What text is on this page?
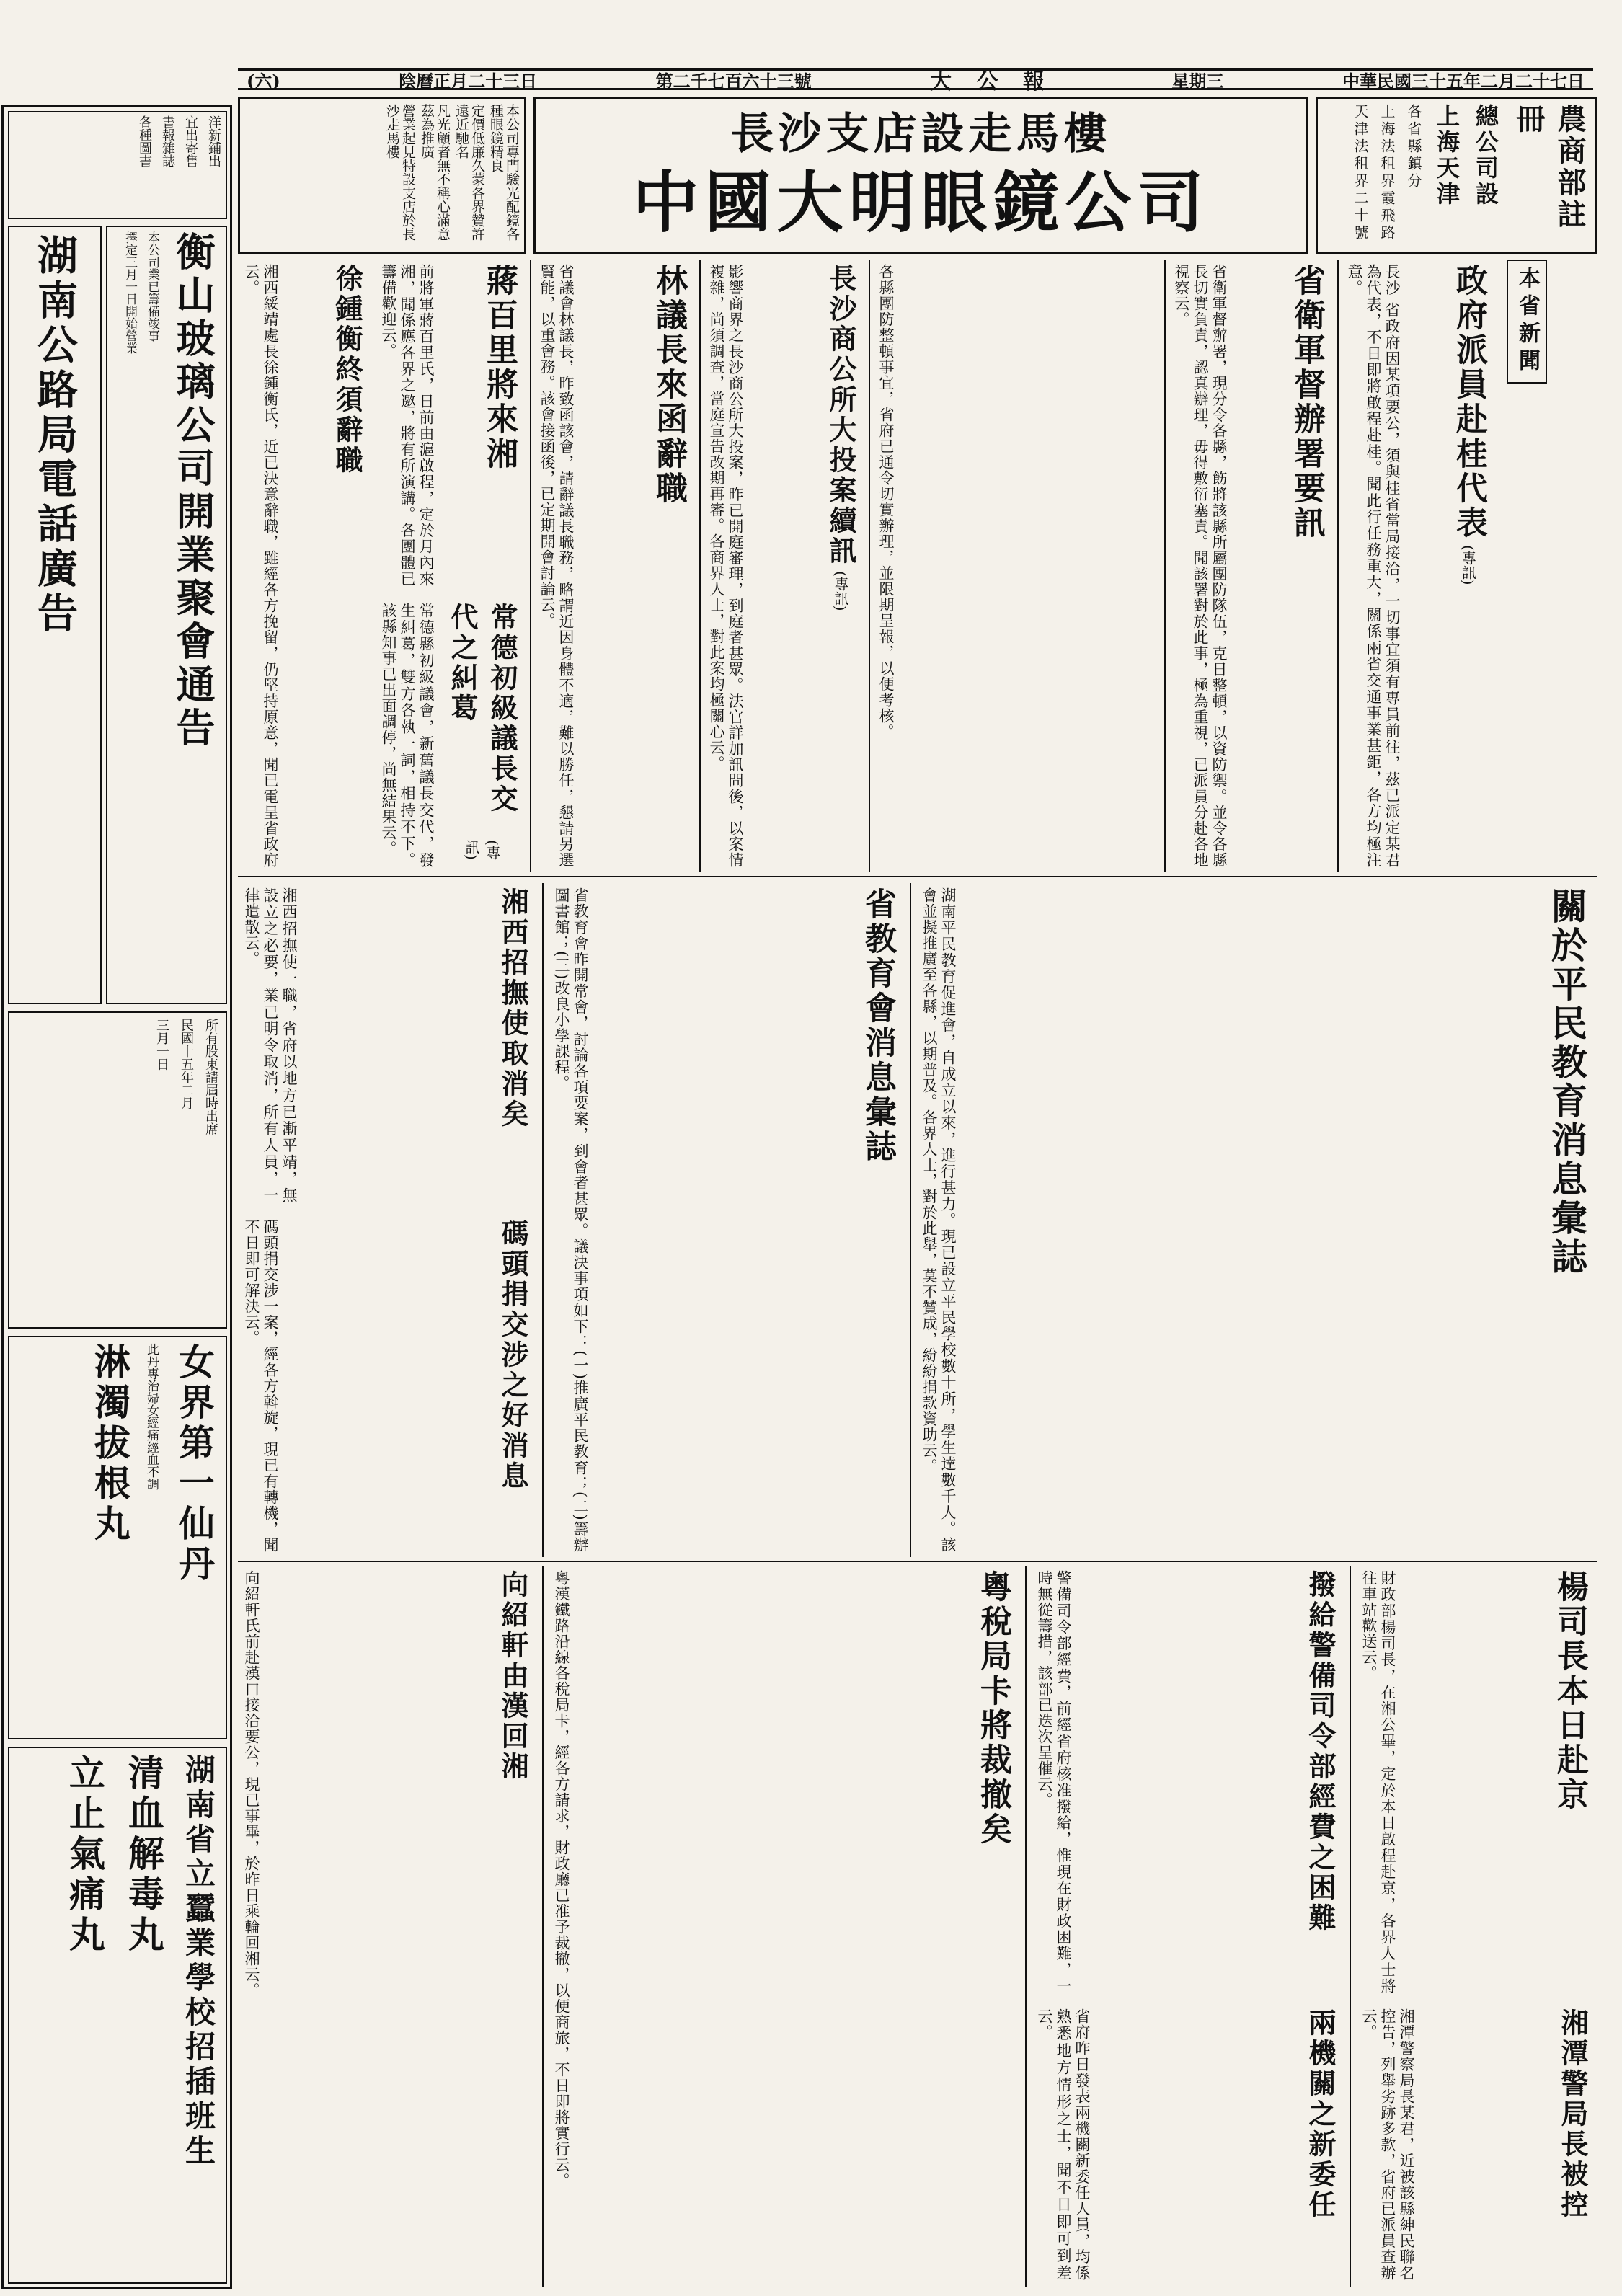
(六)	陰曆正月二十三日	第二千七百六十三號	大 公 報	星期三	中華民國三十五年二月二十七日
本公司專門驗光配鏡各種眼鏡精良
定價低廉久蒙各界贊許遠近馳名
凡光顧者無不稱心滿意茲為推廣
營業起見特設支店於長沙走馬樓	長沙支店設走馬樓
中國大明眼鏡公司	農商部註冊
總公司設
上海天津
各省縣鎮分
上海法租界霞飛路
天津法租界二十號
洋新鋪出
宜出寄售
書報雜誌
各種圖書
湖南公路局電話廣告 衡山玻璃公司開業聚會通告
本公司業已籌備竣事
擇定三月一日開始營業
所有股東請屆時出席
民國十五年二月
三月一日
女界第一仙丹
此丹專治婦女經痛經血不調
淋濁拔根丸
湖南省立蠶業學校招插班生
清血解毒丸
立止氣痛丸
本省新聞
政府派員赴桂代表
(專訊)
長沙 省政府因某項要公，須與桂省當局接洽，一切事宜須有專員前往，茲已派定某君為代表，不日即將啟程赴桂。聞此行任務重大，關係兩省交通事業甚鉅，各方均極注意。
省衛軍督辦署要訊
省衛軍督辦署，現分令各縣，飭將該縣所屬團防隊伍，克日整頓，以資防禦。並令各縣長切實負責，認真辦理，毋得敷衍塞責。聞該署對於此事，極為重視，已派員分赴各地視察云。
各縣團防整頓事宜，省府已通令切實辦理，並限期呈報，以便考核。
長沙商公所大投案續訊
(專訊)
影響商界之長沙商公所大投案，昨已開庭審理，到庭者甚眾。法官詳加訊問後，以案情複雜，尚須調查，當庭宣告改期再審。各商界人士，對此案均極關心云。
林議長來函辭職
省議會林議長，昨致函該會，請辭議長職務，略謂近因身體不適，難以勝任，懇請另選賢能，以重會務。該會接函後，已定期開會討論云。
蔣百里將來湘
前將軍蔣百里氏，日前由滬啟程，定於月內來湘，聞係應各界之邀，將有所演講。各團體已籌備歡迎云。
徐鍾衡終須辭職
湘西綏靖處長徐鍾衡氏，近已決意辭職，雖經各方挽留，仍堅持原意，聞已電呈省政府云。
常德初級議長交代之糾葛
(專訊)
常德縣初級議會，新舊議長交代，發生糾葛，雙方各執一詞，相持不下。該縣知事已出面調停，尚無結果云。
關於平民教育消息彙誌
湖南平民教育促進會，自成立以來，進行甚力。現已設立平民學校數十所，學生達數千人。該會並擬推廣至各縣，以期普及。各界人士，對於此舉，莫不贊成，紛紛捐款資助云。
省教育會消息彙誌
省教育會昨開常會，討論各項要案，到會者甚眾。議決事項如下：(一)推廣平民教育；(二)籌辦圖書館；(三)改良小學課程。
湘西招撫使取消矣
湘西招撫使一職，省府以地方已漸平靖，無設立之必要，業已明令取消，所有人員，一律遣散云。
碼頭捐交涉之好消息
碼頭捐交涉一案，經各方斡旋，現已有轉機，聞不日即可解決云。
楊司長本日赴京
財政部楊司長，在湘公畢，定於本日啟程赴京，各界人士將往車站歡送云。
湘潭警局長被控
湘潭警察局長某君，近被該縣紳民聯名控告，列舉劣跡多款，省府已派員查辦云。
撥給警備司令部經費之困難
警備司令部經費，前經省府核准撥給，惟現在財政困難，一時無從籌措，該部已迭次呈催云。
兩機關之新委任
省府昨日發表兩機關新委任人員，均係熟悉地方情形之士，聞不日即可到差云。
粵稅局卡將裁撤矣
粵漢鐵路沿線各稅局卡，經各方請求，財政廳已准予裁撤，以便商旅，不日即將實行云。
向紹軒由漢回湘
向紹軒氏前赴漢口接洽要公，現已事畢，於昨日乘輪回湘云。
